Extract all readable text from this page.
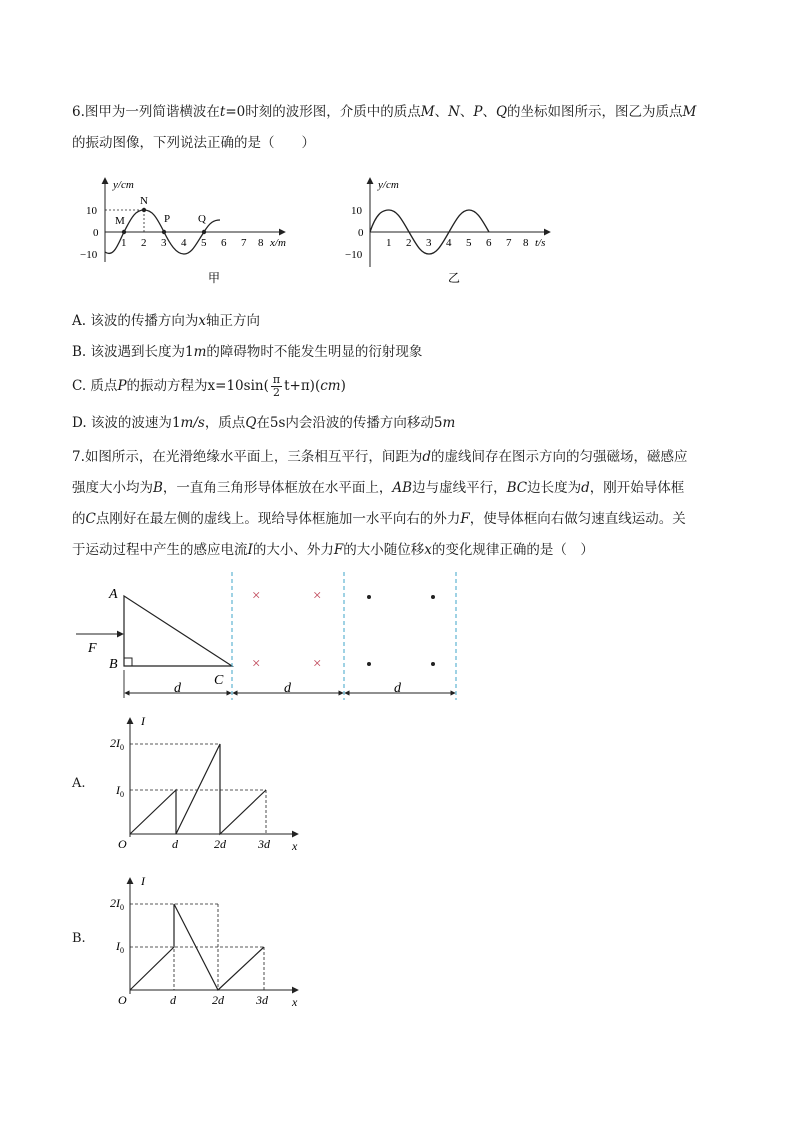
6.图甲为一列简谐横波在t=0时刻的波形图，介质中的质点M、N、P、Q的坐标如图所示，图乙为质点M
的振动图像，下列说法正确的是（　　）
y/cm
x/m
10
0
−10
M
N
P	Q
1 2 3 4 5 6 7 8
甲
y/cm
t/s
10
0
−10
1 2 3 4 5 6 7 8
乙
A. 该波的传播方向为x轴正方向
B. 该波遇到长度为1m的障碍物时不能发生明显的衍射现象
C. 质点P的振动方程为$x=10\sin( \frac{\pi}{2} t+\pi)(cm)$
D. 该波的波速为1m/s，质点Q在5s内会沿波的传播方向移动5m
7.如图所示，在光滑绝缘水平面上，三条相互平行，间距为d的虚线间存在图示方向的匀强磁场，磁感应
强度大小均为B，一直角三角形导体框放在水平面上，AB边与虚线平行，BC边长度为d，刚开始导体框
的C点刚好在最左侧的虚线上。现给导体框施加一水平向右的外力F，使导体框向右做匀速直线运动。关
于运动过程中产生的感应电流I的大小、外力F的大小随位移x的变化规律正确的是（　）
A
B
C
F
×	×
×	×
d	d	d
A.
I
x
$2I_0$
$I_0$
O	d	2d	3d
B.
I
x
$2I_0$
$I_0$
O	d	2d	3d
